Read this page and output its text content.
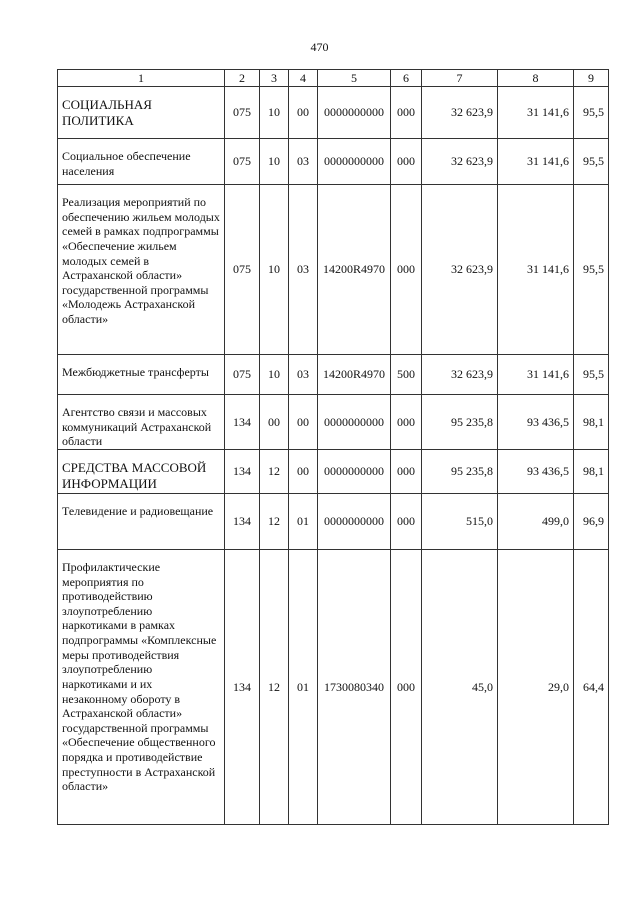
470
1	2	3	4	5	6	7	8	9
СОЦИАЛЬНАЯ ПОЛИТИКА	075	10	00	0000000000	000	32 623,9	31 141,6	95,5
Социальное обеспечение населения	075	10	03	0000000000	000	32 623,9	31 141,6	95,5
Реализация мероприятий по обеспечению жильем молодых семей в рамках подпрограммы «Обеспечение жильем молодых семей в Астраханской области» государственной программы «Молодежь Астраханской области»	075	10	03	14200R4970	000	32 623,9	31 141,6	95,5
Межбюджетные трансферты	075	10	03	14200R4970	500	32 623,9	31 141,6	95,5
Агентство связи и массовых коммуникаций Астраханской области	134	00	00	0000000000	000	95 235,8	93 436,5	98,1
СРЕДСТВА МАССОВОЙ ИНФОРМАЦИИ	134	12	00	0000000000	000	95 235,8	93 436,5	98,1
Телевидение и радиовещание	134	12	01	0000000000	000	515,0	499,0	96,9
Профилактические мероприятия по противодействию злоупотреблению наркотиками в рамках подпрограммы «Комплексные меры противодействия злоупотреблению наркотиками и их незаконному обороту в Астраханской области» государственной программы «Обеспечение общественного порядка и противодействие преступности в Астраханской области»	134	12	01	1730080340	000	45,0	29,0	64,4
